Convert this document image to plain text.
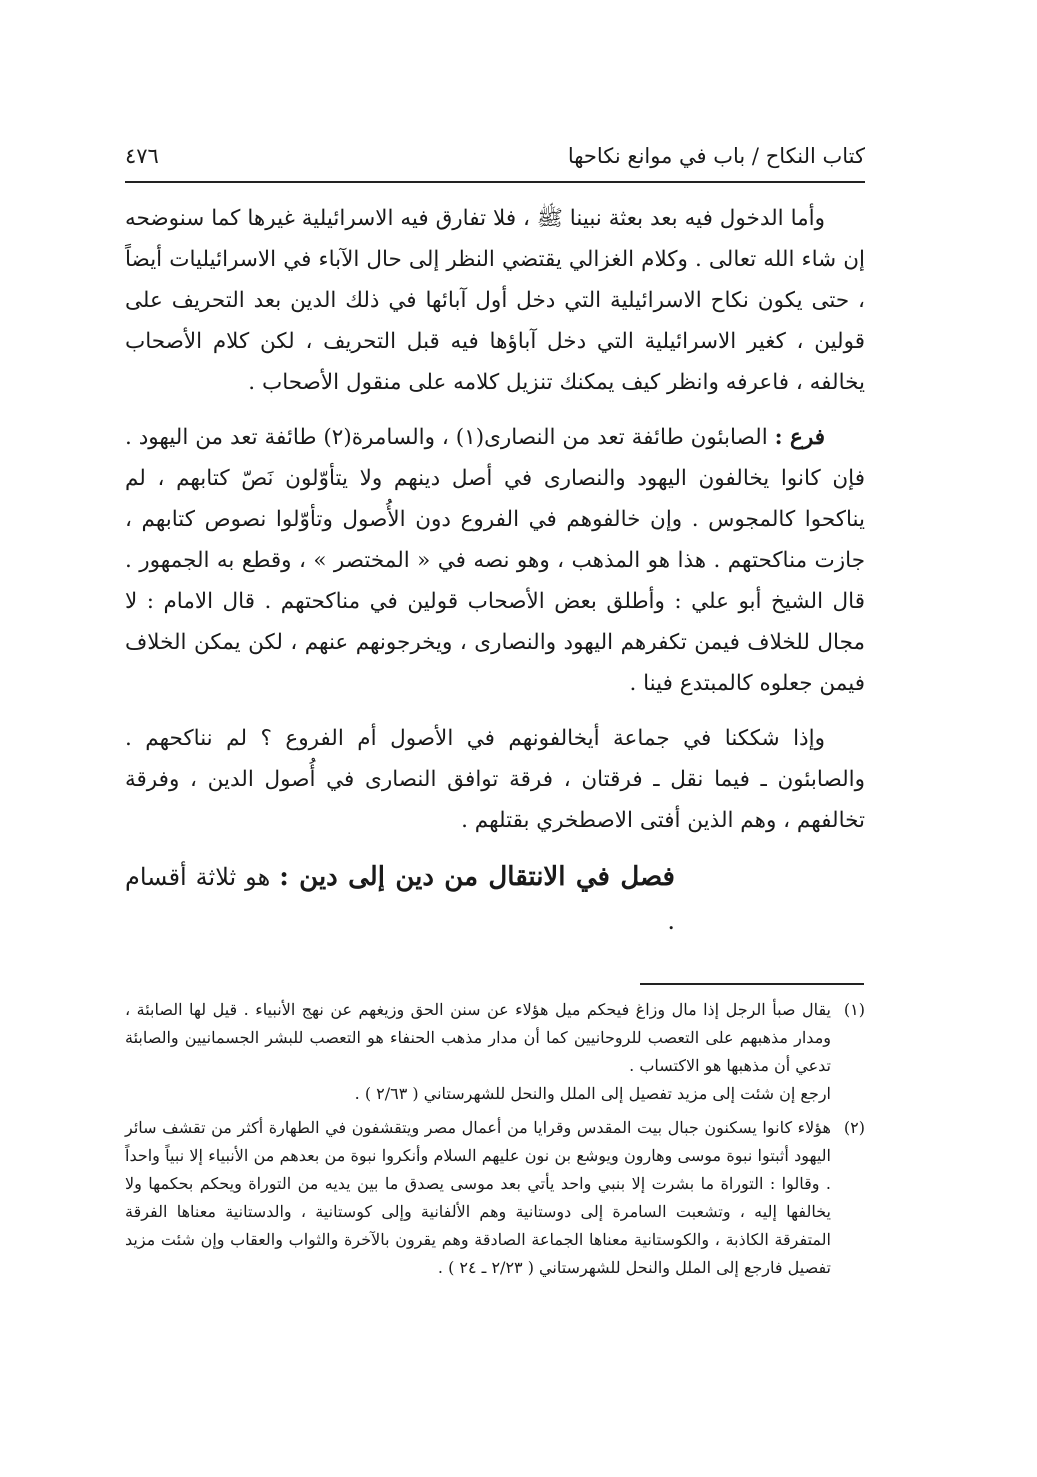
كتاب النكاح / باب في موانع نكاحها
٤٧٦

وأما الدخول فيه بعد بعثة نبينا ﷺ ، فلا تفارق فيه الاسرائيلية غيرها كما سنوضحه إن شاء الله تعالى . وكلام الغزالي يقتضي النظر إلى حال الآباء في الاسرائيليات أيضاً ، حتى يكون نكاح الاسرائيلية التي دخل أول آبائها في ذلك الدين بعد التحريف على قولين ، كغير الاسرائيلية التي دخل آباؤها فيه قبل التحريف ، لكن كلام الأصحاب يخالفه ، فاعرفه وانظر كيف يمكنك تنزيل كلامه على منقول الأصحاب .

فرع : الصابئون طائفة تعد من النصارى(١) ، والسامرة(٢) طائفة تعد من اليهود . فإن كانوا يخالفون اليهود والنصارى في أصل دينهم ولا يتأوّلون نَصّ كتابهم ، لم يناكحوا كالمجوس . وإن خالفوهم في الفروع دون الأُصول وتأوّلوا نصوص كتابهم ، جازت مناكحتهم . هذا هو المذهب ، وهو نصه في « المختصر » ، وقطع به الجمهور . قال الشيخ أبو علي : وأطلق بعض الأصحاب قولين في مناكحتهم . قال الامام : لا مجال للخلاف فيمن تكفرهم اليهود والنصارى ، ويخرجونهم عنهم ، لكن يمكن الخلاف فيمن جعلوه كالمبتدع فينا .

وإذا شككنا في جماعة أيخالفونهم في الأصول أم الفروع ؟ لم نناكحهم . والصابئون ـ فيما نقل ـ فرقتان ، فرقة توافق النصارى في أُصول الدين ، وفرقة تخالفهم ، وهم الذين أفتى الاصطخري بقتلهم .

فصل في الانتقال من دين إلى دين : هو ثلاثة أقسام .

(١)
يقال صبأ الرجل إذا مال وزاغ فيحكم ميل هؤلاء عن سنن الحق وزيغهم عن نهج الأنبياء . قيل لها الصابئة ، ومدار مذهبهم على التعصب للروحانيين كما أن مدار مذهب الحنفاء هو التعصب للبشر الجسمانيين والصابئة تدعي أن مذهبها هو الاكتساب .

ارجع إن شئت إلى مزيد تفصيل إلى الملل والنحل للشهرستاني ( ٢/٦٣ ) .

(٢)
هؤلاء كانوا يسكنون جبال بيت المقدس وقرايا من أعمال مصر ويتقشفون في الطهارة أكثر من تقشف سائر اليهود أثبتوا نبوة موسى وهارون ويوشع بن نون عليهم السلام وأنكروا نبوة من بعدهم من الأنبياء إلا نبياً واحداً . وقالوا : التوراة ما بشرت إلا بنبي واحد يأتي بعد موسى يصدق ما بين يديه من التوراة ويحكم بحكمها ولا يخالفها إليه ، وتشعبت السامرة إلى دوستانية وهم الألفانية وإلى كوستانية ، والدستانية معناها الفرقة المتفرقة الكاذبة ، والكوستانية معناها الجماعة الصادقة وهم يقرون بالآخرة والثواب والعقاب وإن شئت مزيد تفصيل فارجع إلى الملل والنحل للشهرستاني ( ٢/٢٣ ـ ٢٤ ) .
